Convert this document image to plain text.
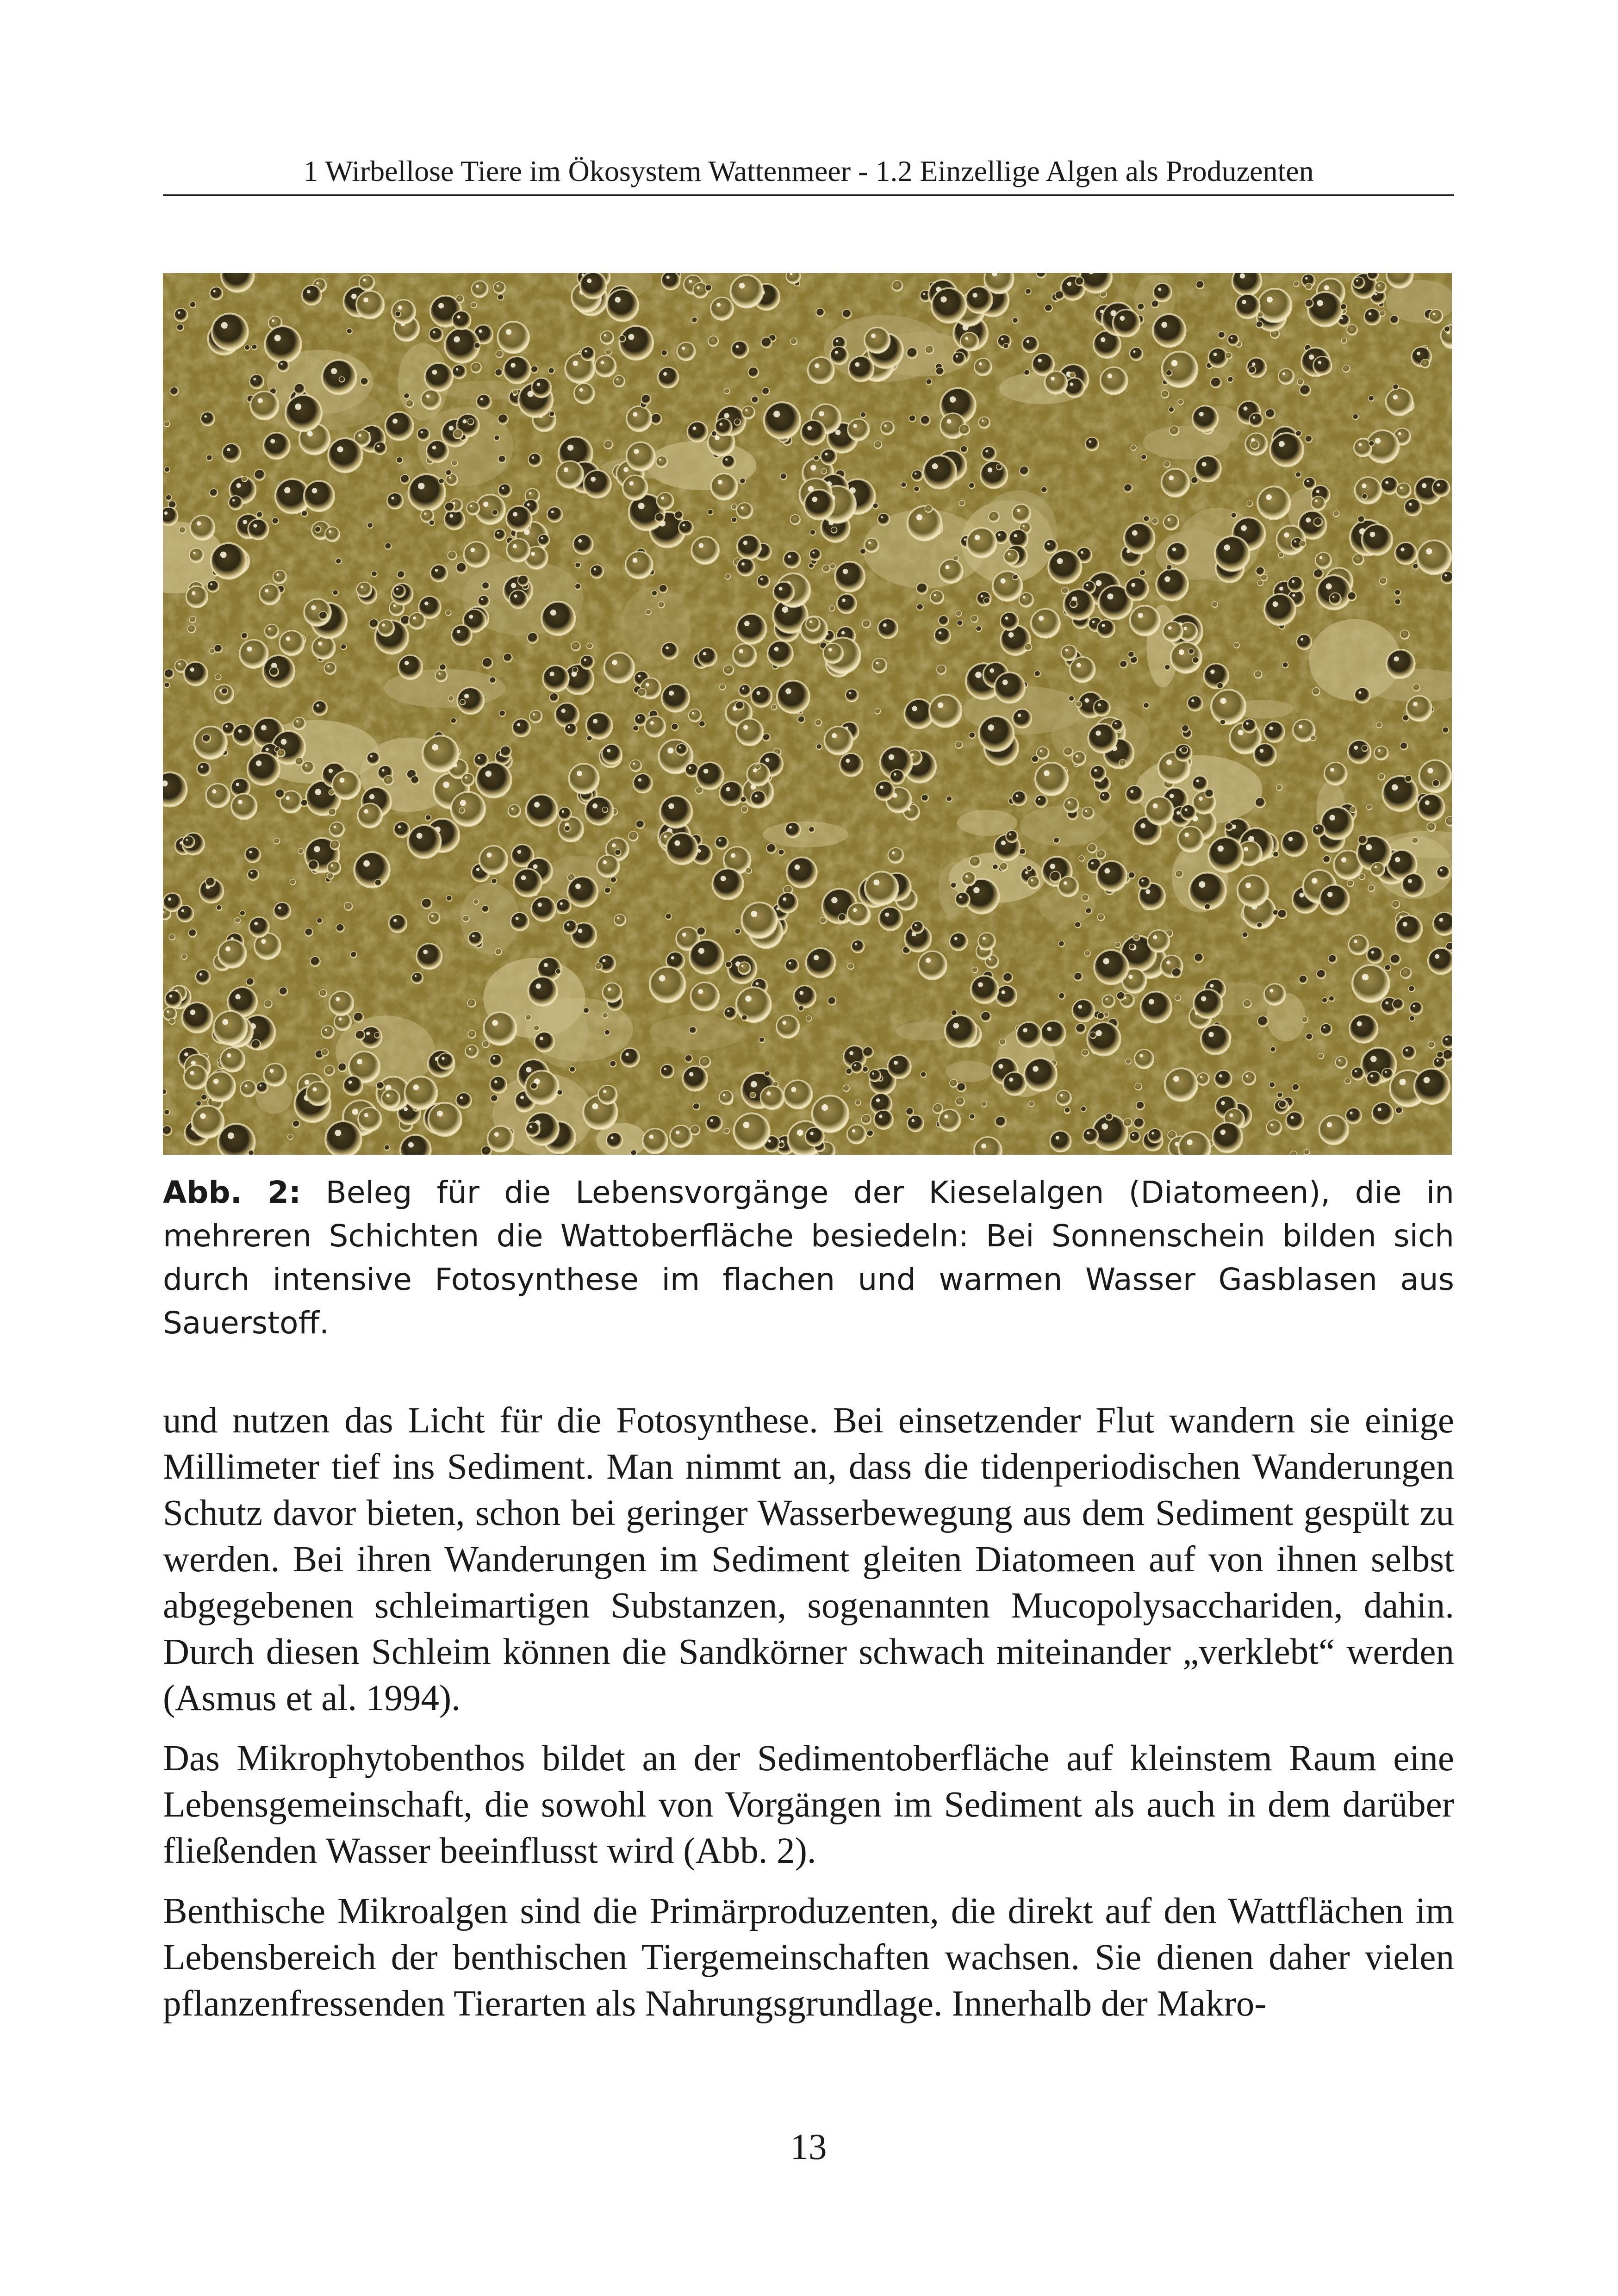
1 Wirbellose Tiere im Ökosystem Wattenmeer - 1.2 Einzellige Algen als Produzenten
Abb. 2: Beleg für die Lebensvorgänge der Kieselalgen (Diatomeen), die in mehreren Schichten die Wattoberfläche besiedeln: Bei Sonnenschein bilden sich durch intensive Fotosynthese im flachen und warmen Wasser Gasblasen aus Sauerstoff.

und nutzen das Licht für die Fotosynthese. Bei einsetzender Flut wandern sie einige Millimeter tief ins Sediment. Man nimmt an, dass die tidenperiodischen Wanderungen Schutz davor bieten, schon bei geringer Wasserbewegung aus dem Sediment gespült zu werden. Bei ihren Wanderungen im Sediment gleiten Diatomeen auf von ihnen selbst abgegebenen schleimartigen Substanzen, sogenannten Mucopolysacchariden, dahin. Durch diesen Schleim können die Sandkörner schwach miteinander „verklebt“ werden (Asmus et al. 1994).

Das Mikrophytobenthos bildet an der Sedimentoberfläche auf kleinstem Raum eine Lebensgemeinschaft, die sowohl von Vorgängen im Sediment als auch in dem darüber fließenden Wasser beeinflusst wird (Abb. 2).

Benthische Mikroalgen sind die Primärproduzenten, die direkt auf den Wattflächen im Lebensbereich der benthischen Tiergemeinschaften wachsen. Sie dienen daher vielen pflanzenfressenden Tierarten als Nahrungsgrundlage. Innerhalb der Makro-

13
